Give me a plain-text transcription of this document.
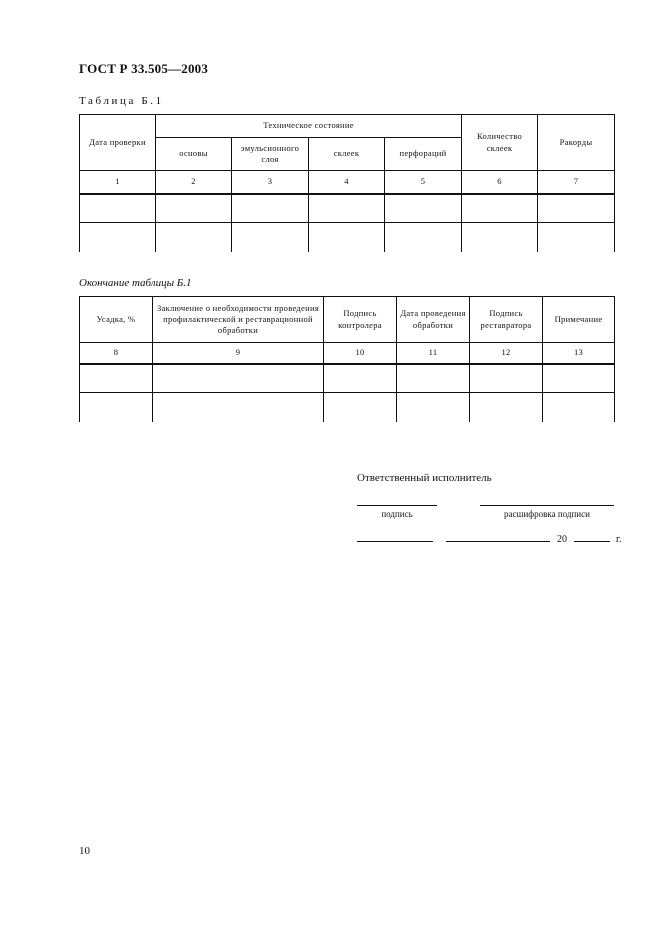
ГОСТ Р 33.505—2003
Таблица Б.1
Дата проверки	Техническое состояние				Количество склеек	Ракорды
	основы	эмульсионного слоя	склеек	перфораций		
1	2	3	4	5	6	7

Окончание таблицы Б.1
Усадка, %	Заключение о необходимости проведения профилактической и реставрационной обработки	Подпись контролера	Дата проведения обработки	Подпись реставратора	Примечание
8	9	10	11	12	13

Ответственный исполнитель
подпись	расшифровка подписи
20	г.
10
